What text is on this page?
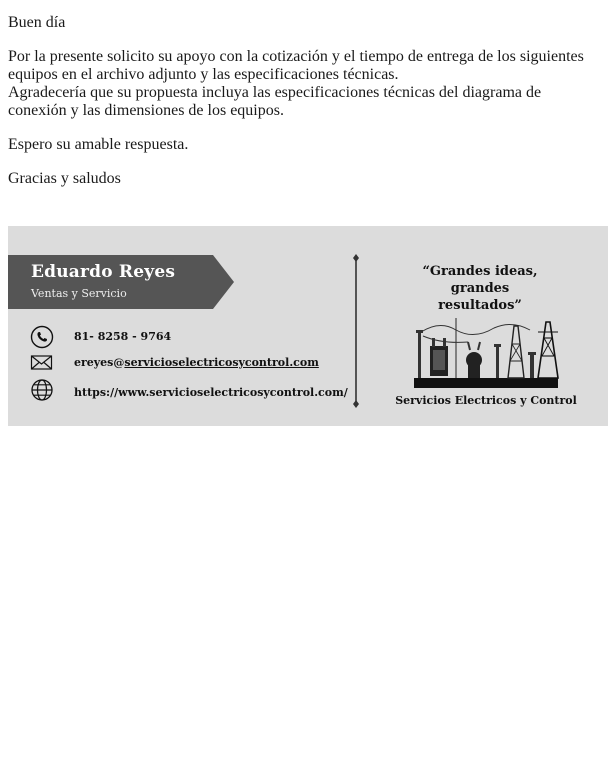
Buen día

Por la presente solicito su apoyo con la cotización y el tiempo de entrega de los siguientes equipos en el archivo adjunto y las especificaciones técnicas.

Agradecería que su propuesta incluya las especificaciones técnicas del diagrama de conexión y las dimensiones de los equipos.

Espero su amable respuesta.

Gracias y saludos

Eduardo Reyes
Ventas y Servicio
81- 8258 - 9764
ereyes@servicioselectricosycontrol.com
https://www.servicioselectricosycontrol.com/
“Grandes ideas, grandes
resultados”
Servicios Electricos y Control
